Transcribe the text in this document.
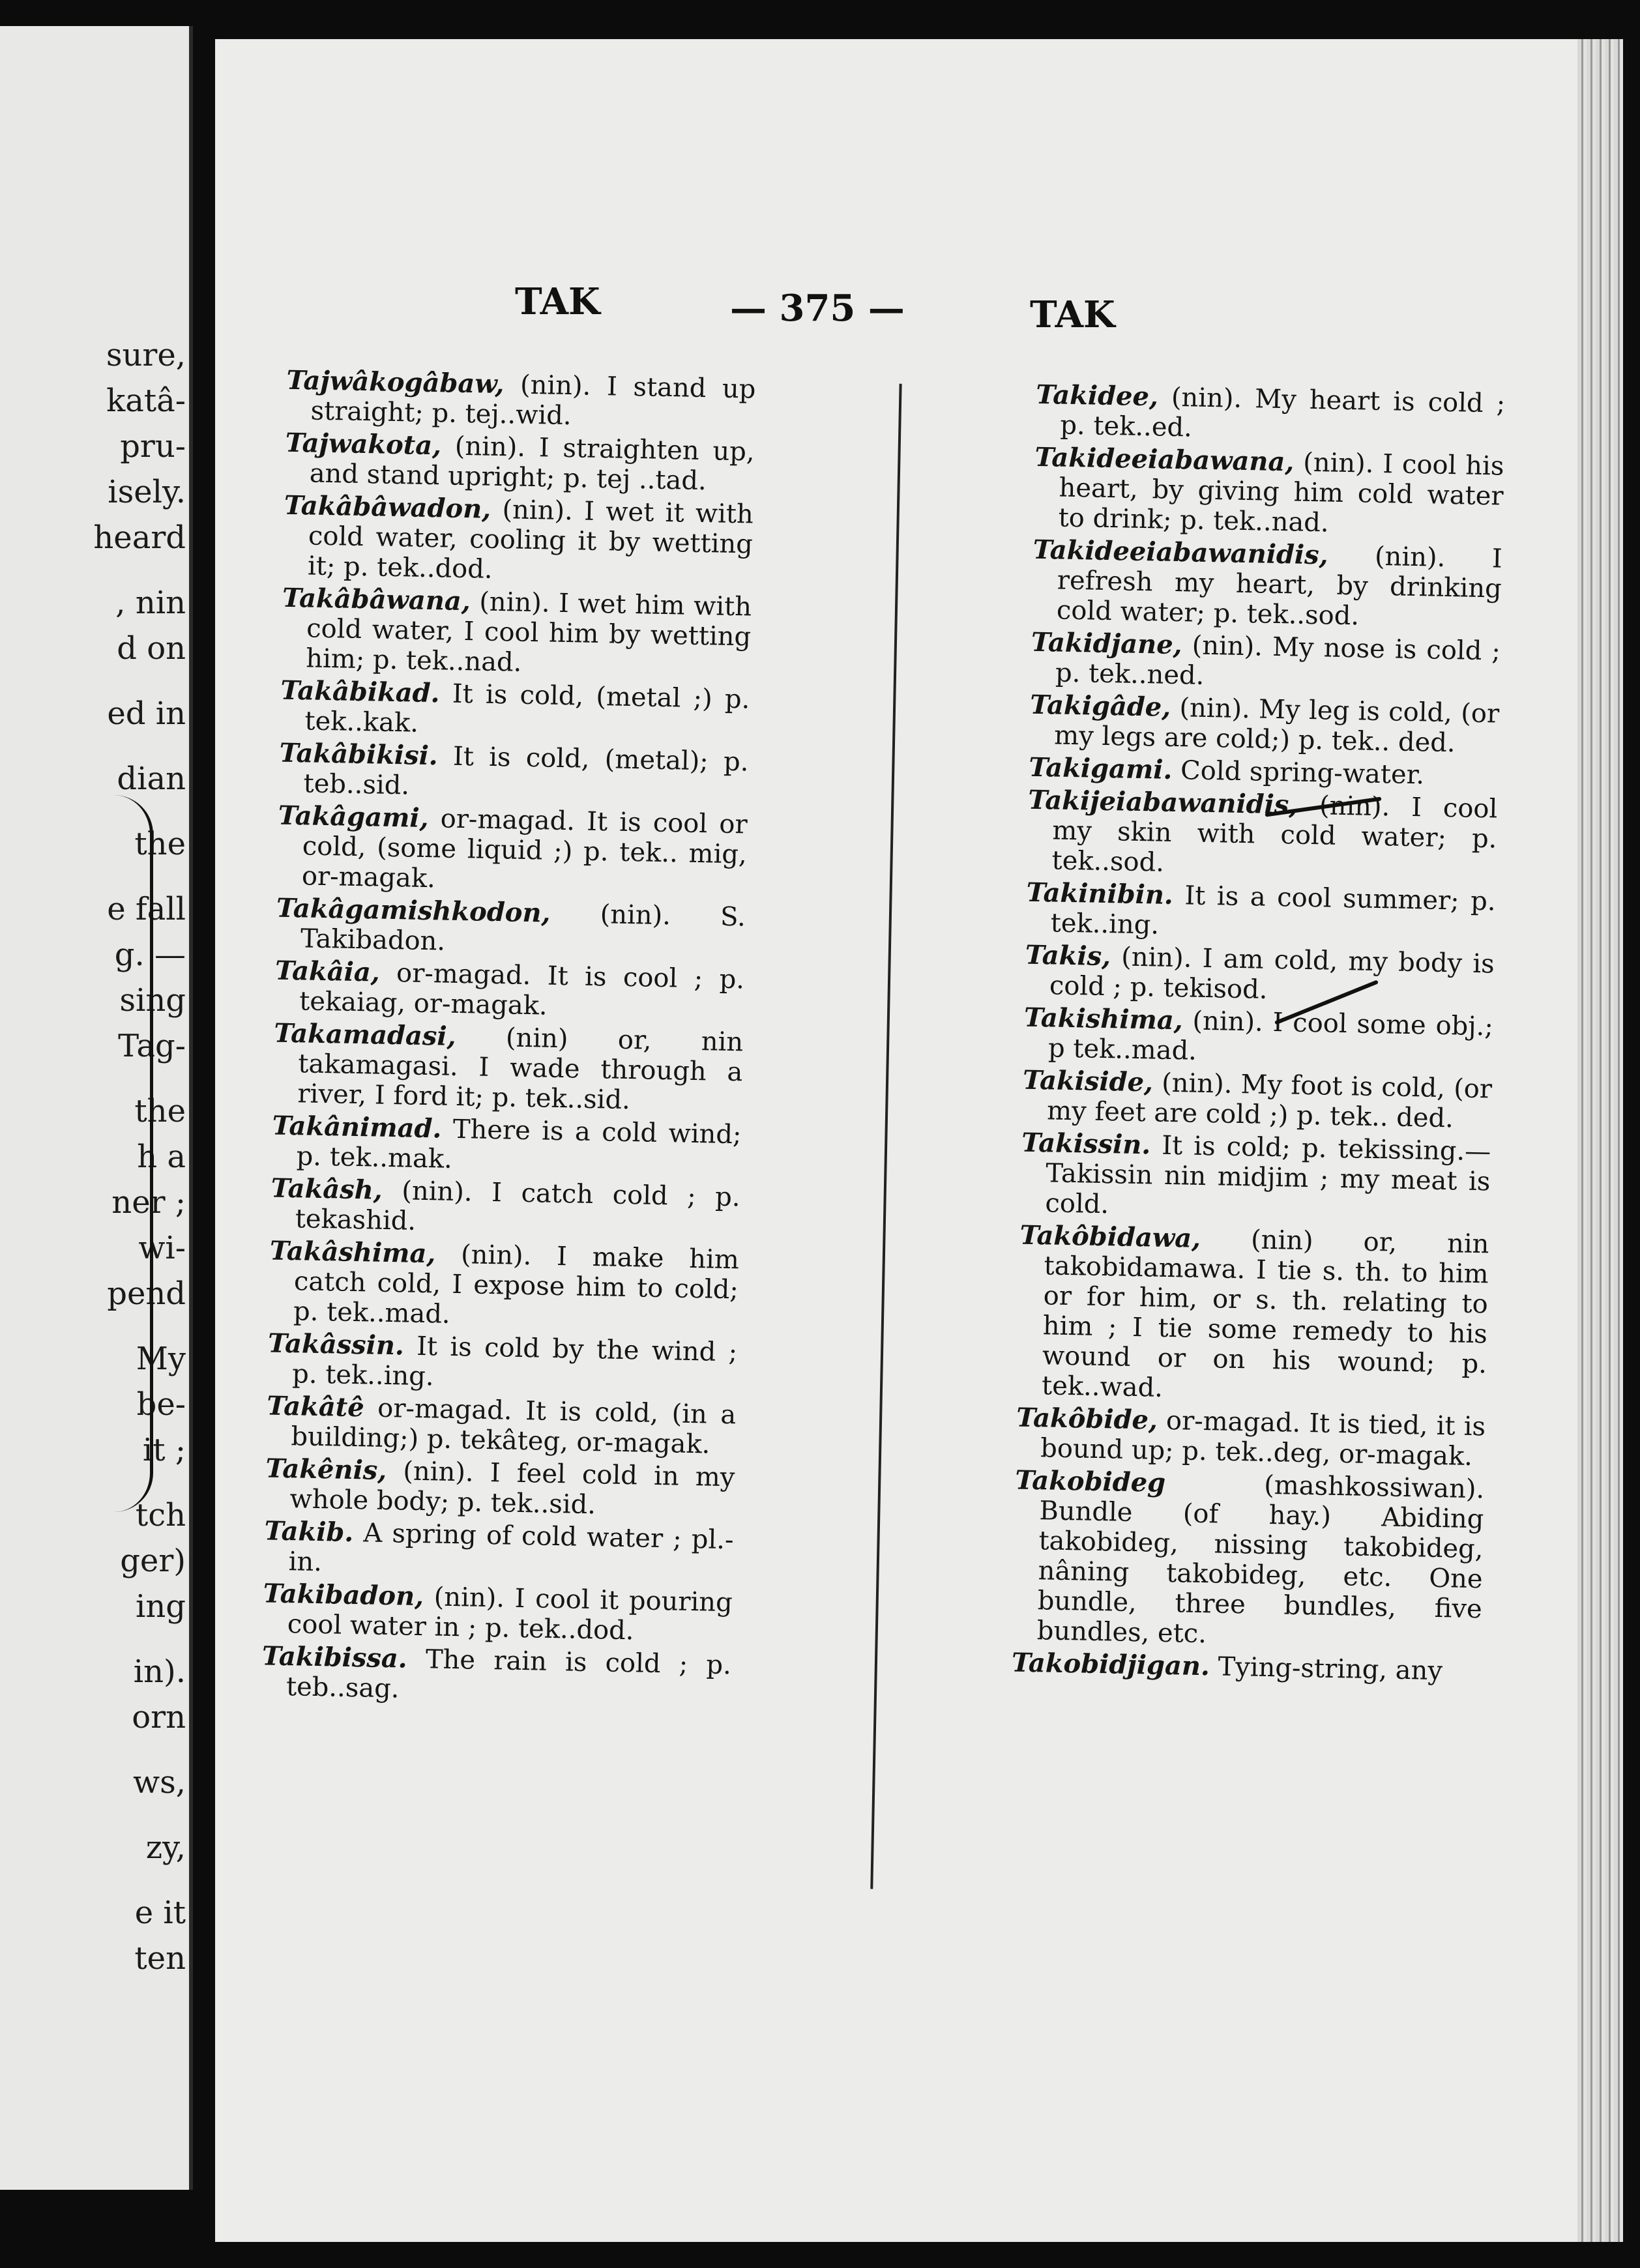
sure,
katâ-
pru-
isely.
heard
, nin
d on
ed in
dian
the
e fall
g. —
sing
Tag-
the
h a
ner ;
wi-
pend
My
be-
it ;
tch
ger)
ing
in).
orn
ws,
zy,
e it
ten
TAK	— 375 —	TAK
Tajwâkogâbaw, (nin). I stand up straight; p. tej..wid.
Tajwakota, (nin). I straighten up, and stand upright; p. tej ..tad.
Takâbâwadon, (nin). I wet it with cold water, cooling it by wetting it; p. tek..dod.
Takâbâwana, (nin). I wet him with cold water, I cool him by wetting him; p. tek..nad.
Takâbikad. It is cold, (metal ;) p. tek..kak.
Takâbikisi. It is cold, (metal); p. teb..sid.
Takâgami, or-magad. It is cool or cold, (some liquid ;) p. tek.. mig, or-magak.
Takâgamishkodon, (nin). S. Takibadon.
Takâia, or-magad. It is cool ; p. tekaiag, or-magak.
Takamadasi, (nin) or, nin takamagasi. I wade through a river, I ford it; p. tek..sid.
Takânimad. There is a cold wind; p. tek..mak.
Takâsh, (nin). I catch cold ; p. tekashid.
Takâshima, (nin). I make him catch cold, I expose him to cold; p. tek..mad.
Takâssin. It is cold by the wind ; p. tek..ing.
Takâtê or-magad. It is cold, (in a building;) p. tekâteg, or-magak.
Takênis, (nin). I feel cold in my whole body; p. tek..sid.
Takib. A spring of cold water ; pl.-in.
Takibadon, (nin). I cool it pouring cool water in ; p. tek..dod.
Takibissa. The rain is cold ; p. teb..sag.
Takidee, (nin). My heart is cold ; p. tek..ed.
Takideeiabawana, (nin). I cool his heart, by giving him cold water to drink; p. tek..nad.
Takideeiabawanidis, (nin). I refresh my heart, by drinking cold water; p. tek..sod.
Takidjane, (nin). My nose is cold ; p. tek..ned.
Takigâde, (nin). My leg is cold, (or my legs are cold;) p. tek.. ded.
Takigami. Cold spring-water.
Takijeiabawanidis, (nin). I cool my skin with cold water; p. tek..sod.
Takinibin. It is a cool summer; p. tek..ing.
Takis, (nin). I am cold, my body is cold ; p. tekisod.
Takishima, (nin). I cool some obj.; p tek..mad.
Takiside, (nin). My foot is cold, (or my feet are cold ;) p. tek.. ded.
Takissin. It is cold; p. tekissing.—Takissin nin midjim ; my meat is cold.
Takôbidawa, (nin) or, nin takobidamawa. I tie s. th. to him or for him, or s. th. relating to him ; I tie some remedy to his wound or on his wound; p. tek..wad.
Takôbide, or-magad. It is tied, it is bound up; p. tek..deg, or-magak.
Takobideg (mashkossiwan). Bundle (of hay.) Abiding takobideg, nissing takobideg, nâning takobideg, etc. One bundle, three bundles, five bundles, etc.
Takobidjigan. Tying-string, any
